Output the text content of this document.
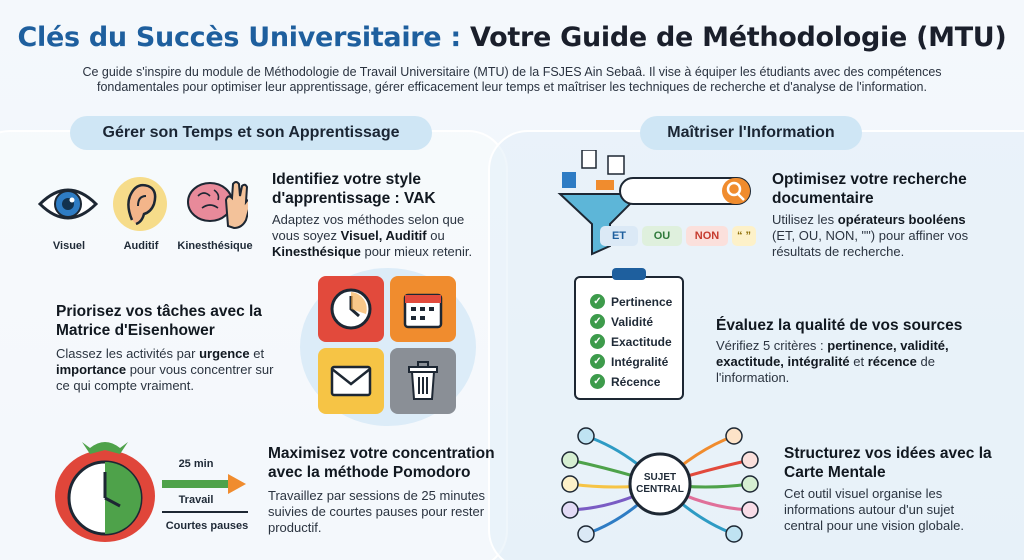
Clés du Succès Universitaire : Votre Guide de Méthodologie (MTU)
Ce guide s'inspire du module de Méthodologie de Travail Universitaire (MTU) de la FSJES Ain Sebaâ. Il vise à équiper les étudiants avec des compétences fondamentales pour optimiser leur apprentissage, gérer efficacement leur temps et maîtriser les techniques de recherche et d'analyse de l'information.
Gérer son Temps et son Apprentissage	Maîtriser l'Information
Visuel	Auditif	Kinesthésique
Identifiez votre style d'apprentissage : VAK
Adaptez vos méthodes selon que vous soyez Visuel, Auditif ou Kinesthésique pour mieux retenir.
Priorisez vos tâches avec la Matrice d'Eisenhower
Classez les activités par urgence et importance pour vous concentrer sur ce qui compte vraiment.
25 min
Travail
Courtes pauses
Maximisez votre concentration avec la méthode Pomodoro
Travaillez par sessions de 25 minutes suivies de courtes pauses pour rester productif.
ET	OU	NON	“ ”
Optimisez votre recherche documentaire
Utilisez les opérateurs booléens (ET, OU, NON, "") pour affiner vos résultats de recherche.
✓ Pertinence
✓ Validité
✓ Exactitude
✓ Intégralité
✓ Récence
Évaluez la qualité de vos sources
Vérifiez 5 critères : pertinence, validité, exactitude, intégralité et récence de l'information.
SUJET
CENTRAL
Structurez vos idées avec la Carte Mentale
Cet outil visuel organise les informations autour d'un sujet central pour une vision globale.
